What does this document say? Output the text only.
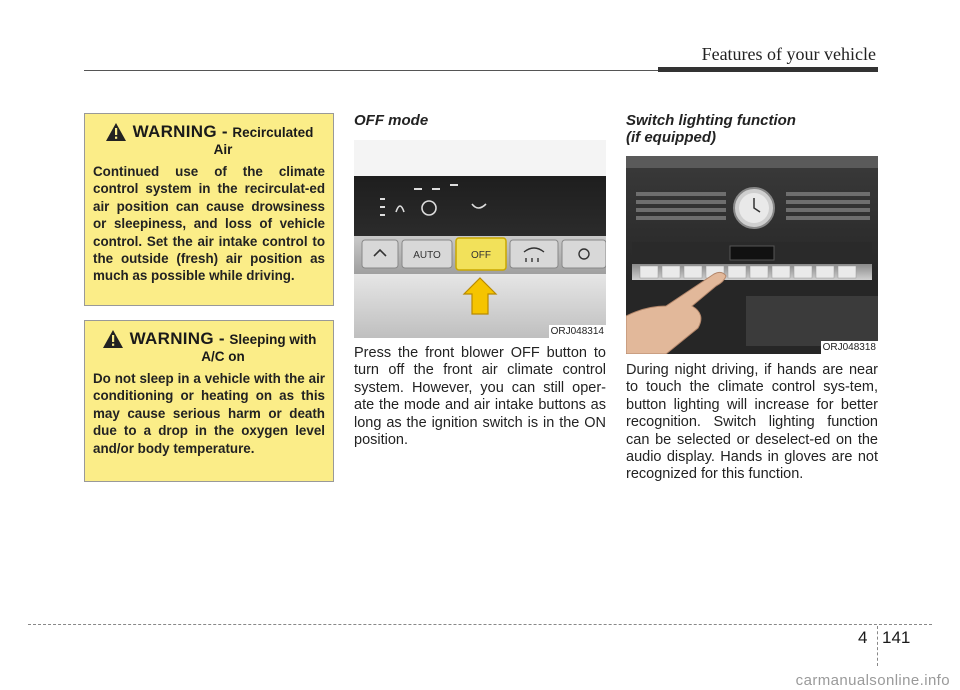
Features of your vehicle
WARNING - Recirculated
Air
Continued use of the climate control system in the recirculat-ed air position can cause drowsiness or sleepiness, and loss of vehicle control. Set the air intake control to the outside (fresh) air position as much as possible while driving.
WARNING - Sleeping with
A/C on
Do not sleep in a vehicle with the air conditioning or heating on as this may cause serious harm or death due to a drop in the oxygen level and/or body temperature.
OFF mode
AUTO	OFF
ORJ048314
Press the front blower OFF button to turn off the front air climate control system. However, you can still oper-ate the mode and air intake buttons as long as the ignition switch is in the ON position.
Switch lighting function
(if equipped)
ORJ048318
During night driving, if hands are near to touch the climate control sys-tem, button lighting will increase for better recognition. Switch lighting function can be selected or deselect-ed on the audio display. Hands in gloves are not recognized for this function.
4 141
carmanualsonline.info
